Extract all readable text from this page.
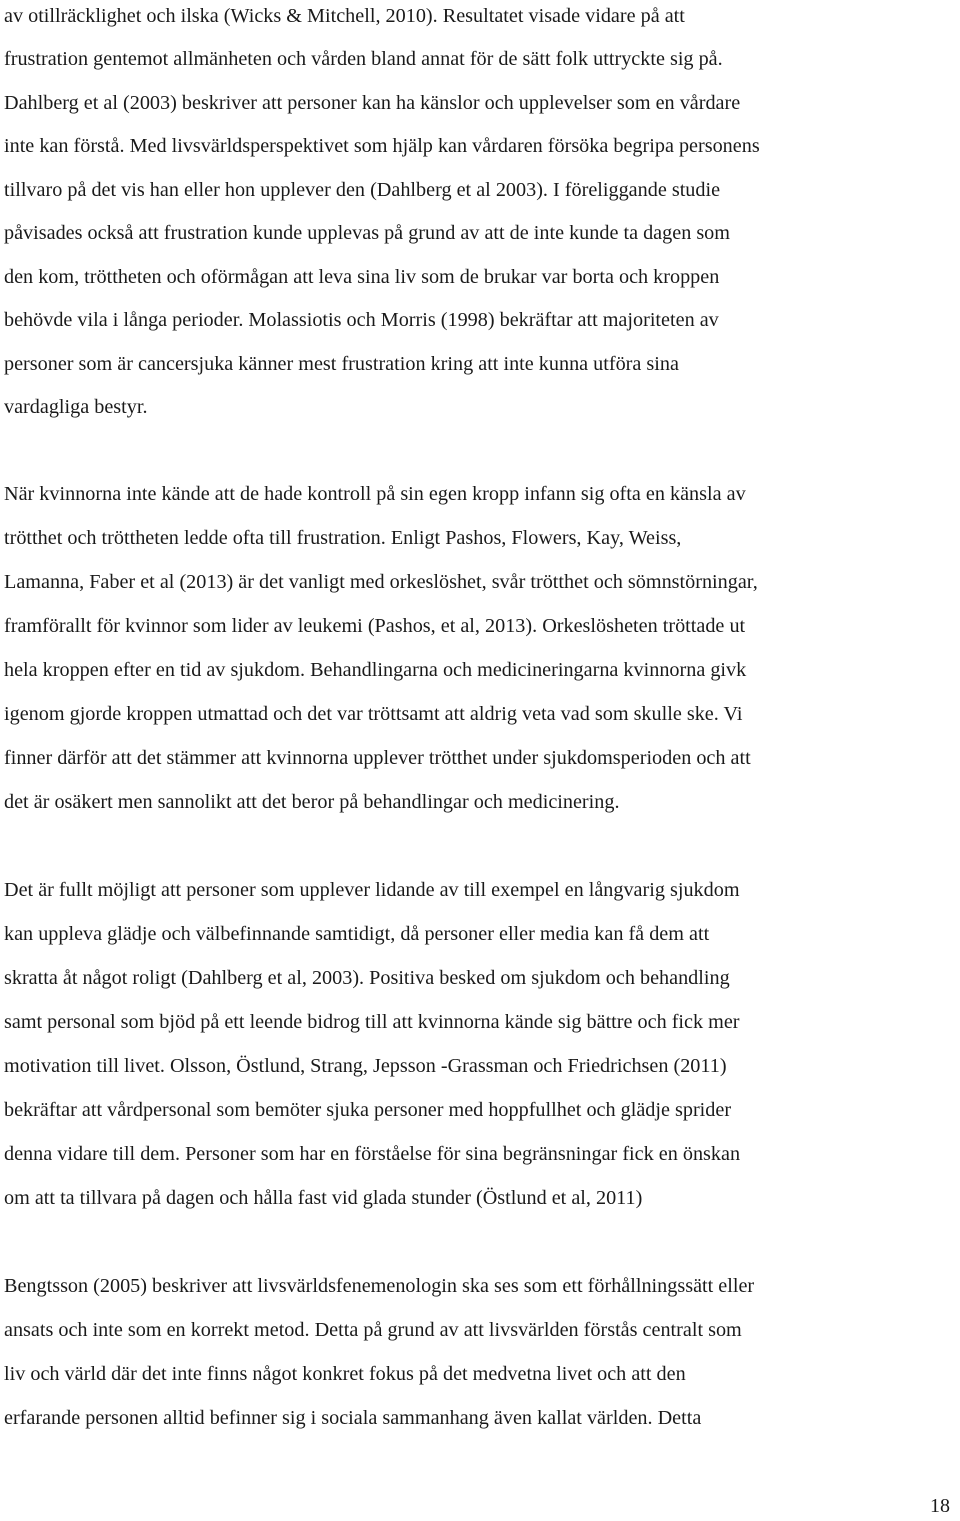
av otillräcklighet och ilska (Wicks & Mitchell, 2010). Resultatet visade vidare på att
frustration gentemot allmänheten och vården bland annat för de sätt folk uttryckte sig på.
Dahlberg et al (2003) beskriver att personer kan ha känslor och upplevelser som en vårdare
inte kan förstå. Med livsvärldsperspektivet som hjälp kan vårdaren försöka begripa personens
tillvaro på det vis han eller hon upplever den (Dahlberg et al 2003). I föreliggande studie
påvisades också att frustration kunde upplevas på grund av att de inte kunde ta dagen som
den kom, tröttheten och oförmågan att leva sina liv som de brukar var borta och kroppen
behövde vila i långa perioder. Molassiotis och Morris (1998) bekräftar att majoriteten av
personer som är cancersjuka känner mest frustration kring att inte kunna utföra sina
vardagliga bestyr.
När kvinnorna inte kände att de hade kontroll på sin egen kropp infann sig ofta en känsla av
trötthet och tröttheten ledde ofta till frustration. Enligt Pashos, Flowers, Kay, Weiss,
Lamanna, Faber et al (2013) är det vanligt med orkeslöshet, svår trötthet och sömnstörningar,
framförallt för kvinnor som lider av leukemi (Pashos, et al, 2013). Orkeslösheten tröttade ut
hela kroppen efter en tid av sjukdom. Behandlingarna och medicineringarna kvinnorna givk
igenom gjorde kroppen utmattad och det var tröttsamt att aldrig veta vad som skulle ske. Vi
finner därför att det stämmer att kvinnorna upplever trötthet under sjukdomsperioden och att
det är osäkert men sannolikt att det beror på behandlingar och medicinering.
Det är fullt möjligt att personer som upplever lidande av till exempel en långvarig sjukdom
kan uppleva glädje och välbefinnande samtidigt, då personer eller media kan få dem att
skratta åt något roligt (Dahlberg et al, 2003). Positiva besked om sjukdom och behandling
samt personal som bjöd på ett leende bidrog till att kvinnorna kände sig bättre och fick mer
motivation till livet. Olsson, Östlund, Strang, Jepsson -Grassman och Friedrichsen (2011)
bekräftar att vårdpersonal som bemöter sjuka personer med hoppfullhet och glädje sprider
denna vidare till dem. Personer som har en förståelse för sina begränsningar fick en önskan
om att ta tillvara på dagen och hålla fast vid glada stunder (Östlund et al, 2011)
Bengtsson (2005) beskriver att livsvärldsfenemenologin ska ses som ett förhållningssätt eller
ansats och inte som en korrekt metod. Detta på grund av att livsvärlden förstås centralt som
liv och värld där det inte finns något konkret fokus på det medvetna livet och att den
erfarande personen alltid befinner sig i sociala sammanhang även kallat världen. Detta
18
